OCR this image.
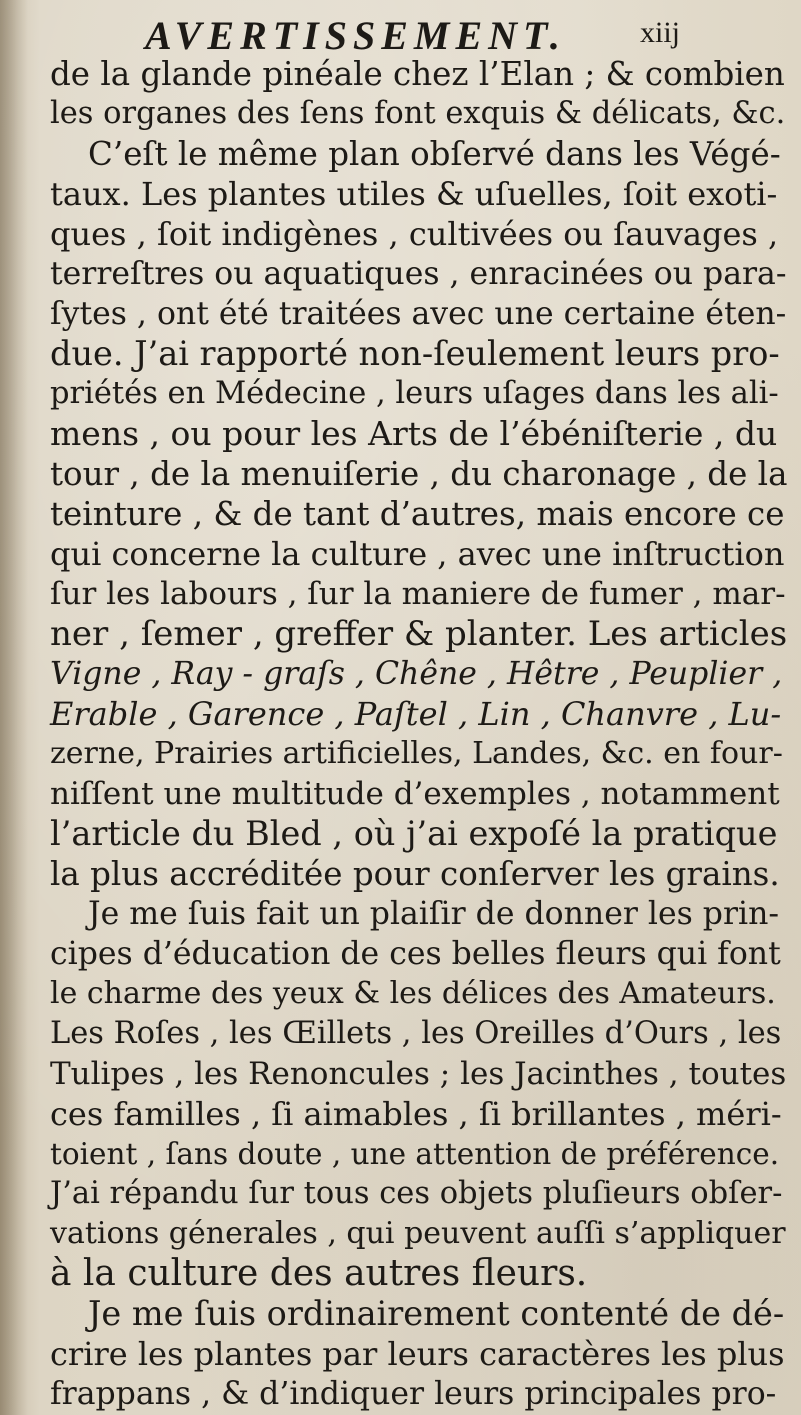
AVERTISSEMENT. xiij
de la glande pinéale chez l’Elan ; & combien
les organes des ſens font exquis & délicats, &c.
C’eſt le même plan obſervé dans les Végé-
taux. Les plantes utiles & uſuelles, ſoit exoti-
ques , ſoit indigènes , cultivées ou ſauvages ,
terreſtres ou aquatiques , enracinées ou para-
ſytes , ont été traitées avec une certaine éten-
due. J’ai rapporté non-ſeulement leurs pro-
priétés en Médecine , leurs uſages dans les ali-
mens , ou pour les Arts de l’ébéniſterie , du
tour , de la menuiſerie , du charonage , de la
teinture , & de tant d’autres, mais encore ce
qui concerne la culture , avec une inſtruction
ſur les labours , ſur la maniere de fumer , mar-
ner , ſemer , greffer & planter. Les articles
Vigne , Ray - graſs , Chêne , Hêtre , Peuplier ,
Erable , Garence , Paſtel , Lin , Chanvre , Lu-
zerne, Prairies artificielles, Landes, &c. en four-
niſſent une multitude d’exemples , notamment
l’article du Bled , où j’ai expoſé la pratique
la plus accréditée pour conſerver les grains.
Je me ſuis fait un plaiſir de donner les prin-
cipes d’éducation de ces belles fleurs qui font
le charme des yeux & les délices des Amateurs.
Les Roſes , les Œillets , les Oreilles d’Ours , les
Tulipes , les Renoncules ; les Jacinthes , toutes
ces familles , ſi aimables , ſi brillantes , méri-
toient , ſans doute , une attention de préférence.
J’ai répandu ſur tous ces objets pluſieurs obſer-
vations génerales , qui peuvent auſſi s’appliquer
à la culture des autres fleurs.
Je me ſuis ordinairement contenté de dé-
crire les plantes par leurs caractères les plus
frappans , & d’indiquer leurs principales pro-
